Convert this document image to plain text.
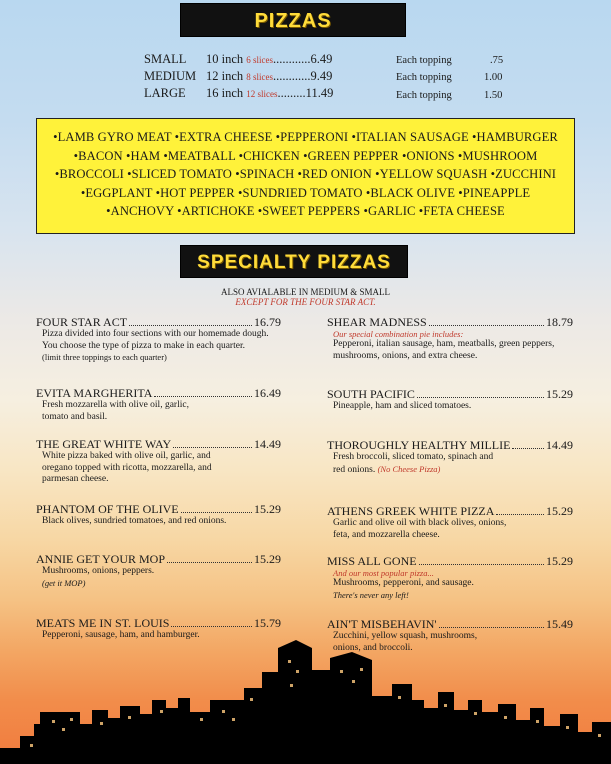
PIZZAS
SMALL	10 inch 6 slices............6.49
MEDIUM 12 inch 8 slices............9.49
LARGE	16 inch 12 slices.........11.49
Each topping	.75
Each topping	1.00
Each topping	1.50
•LAMB GYRO MEAT •EXTRA CHEESE •PEPPERONI •ITALIAN SAUSAGE •HAMBURGER
•BACON •HAM •MEATBALL •CHICKEN •GREEN PEPPER •ONIONS •MUSHROOM
•BROCCOLI •SLICED TOMATO •SPINACH •RED ONION •YELLOW SQUASH •ZUCCHINI
•EGGPLANT •HOT PEPPER •SUNDRIED TOMATO •BLACK OLIVE •PINEAPPLE
•ANCHOVY •ARTICHOKE •SWEET PEPPERS •GARLIC •FETA CHEESE
SPECIALTY PIZZAS
ALSO AVIALABLE IN MEDIUM & SMALL
EXCEPT FOR THE FOUR STAR ACT.
FOUR STAR ACT	16.79
Pizza divided into four sections with our homemade dough. You choose the type of pizza to make in each quarter.
(limit three toppings to each quarter)
EVITA MARGHERITA	16.49
Fresh mozzarella with olive oil, garlic, tomato and basil.
THE GREAT WHITE WAY	14.49
White pizza baked with olive oil, garlic, and oregano topped with ricotta, mozzarella, and parmesan cheese.
PHANTOM OF THE OLIVE	15.29
Black olives, sundried tomatoes, and red onions.
ANNIE GET YOUR MOP	15.29
Mushrooms, onions, peppers.
(get it MOP)
MEATS ME IN ST. LOUIS	15.79
Pepperoni, sausage, ham, and hamburger.
SHEAR MADNESS	18.79
Our special combination pie includes:
Pepperoni, italian sausage, ham, meatballs, green peppers, mushrooms, onions, and extra cheese.
SOUTH PACIFIC	15.29
Pineapple, ham and sliced tomatoes.
THOROUGHLY HEALTHY MILLIE	14.49
Fresh broccoli, sliced tomato, spinach and red onions. (No Cheese Pizza)
ATHENS GREEK WHITE PIZZA	15.29
Garlic and olive oil with black olives, onions, feta, and mozzarella cheese.
MISS ALL GONE	15.29
And our most popular pizza...
Mushrooms, pepperoni, and sausage.
There's never any left!
AIN'T MISBEHAVIN'	15.49
Zucchini, yellow squash, mushrooms, onions, and broccoli.
